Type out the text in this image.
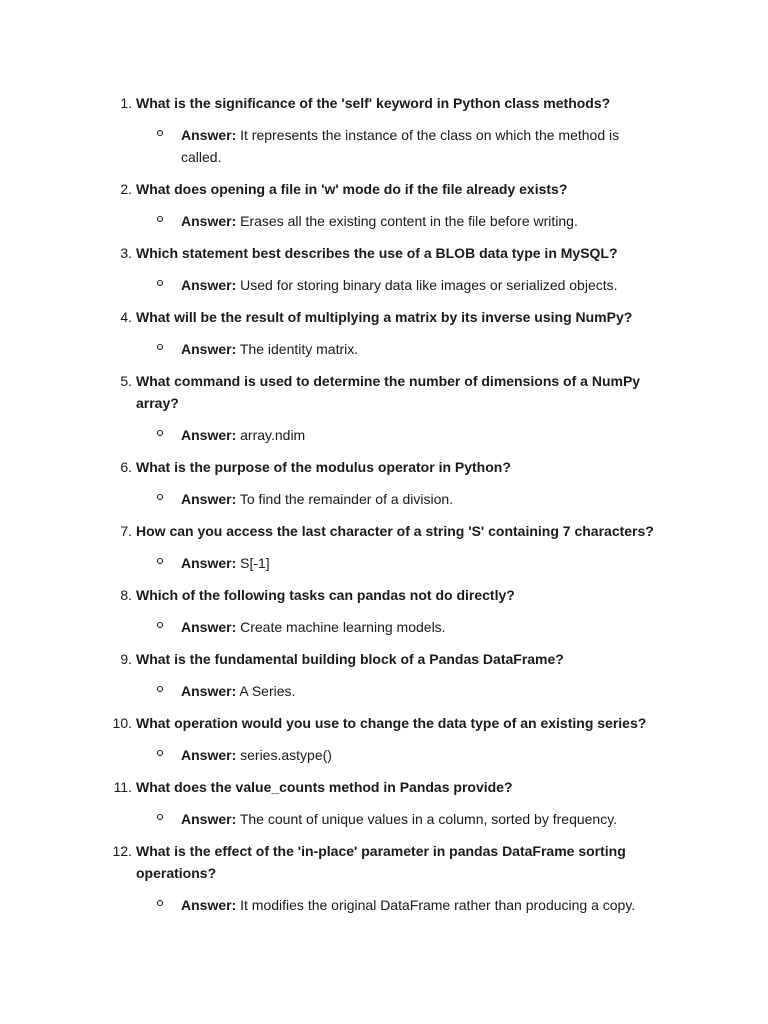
1. What is the significance of the 'self' keyword in Python class methods?
Answer: It represents the instance of the class on which the method is called.
2. What does opening a file in 'w' mode do if the file already exists?
Answer: Erases all the existing content in the file before writing.
3. Which statement best describes the use of a BLOB data type in MySQL?
Answer: Used for storing binary data like images or serialized objects.
4. What will be the result of multiplying a matrix by its inverse using NumPy?
Answer: The identity matrix.
5. What command is used to determine the number of dimensions of a NumPy array?
Answer: array.ndim
6. What is the purpose of the modulus operator in Python?
Answer: To find the remainder of a division.
7. How can you access the last character of a string 'S' containing 7 characters?
Answer: S[-1]
8. Which of the following tasks can pandas not do directly?
Answer: Create machine learning models.
9. What is the fundamental building block of a Pandas DataFrame?
Answer: A Series.
10. What operation would you use to change the data type of an existing series?
Answer: series.astype()
11. What does the value_counts method in Pandas provide?
Answer: The count of unique values in a column, sorted by frequency.
12. What is the effect of the 'in-place' parameter in pandas DataFrame sorting operations?
Answer: It modifies the original DataFrame rather than producing a copy.
